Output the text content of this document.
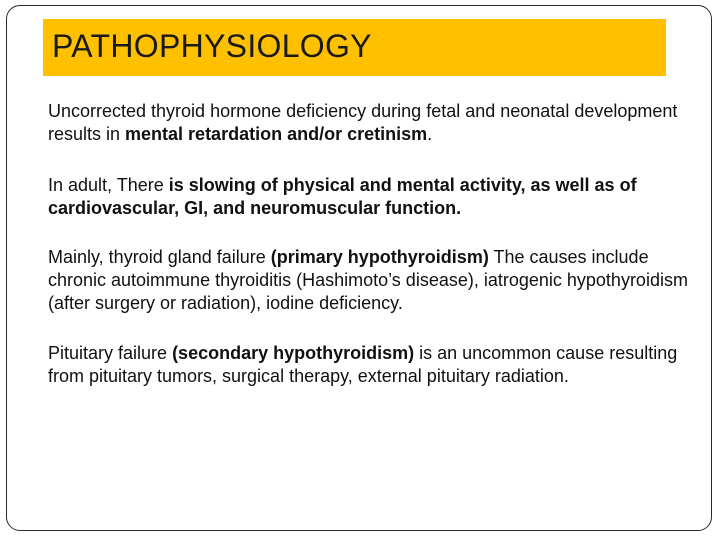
PATHOPHYSIOLOGY

Uncorrected thyroid hormone deficiency during fetal and neonatal development results in mental retardation and/or cretinism.

In adult, There is slowing of physical and mental activity, as well as of cardiovascular, GI, and neuromuscular function.

Mainly, thyroid gland failure (primary hypothyroidism) The causes include chronic autoimmune thyroiditis (Hashimoto’s disease), iatrogenic hypothyroidism (after surgery or radiation), iodine deficiency.

Pituitary failure (secondary hypothyroidism) is an uncommon cause resulting from pituitary tumors, surgical therapy, external pituitary radiation.
